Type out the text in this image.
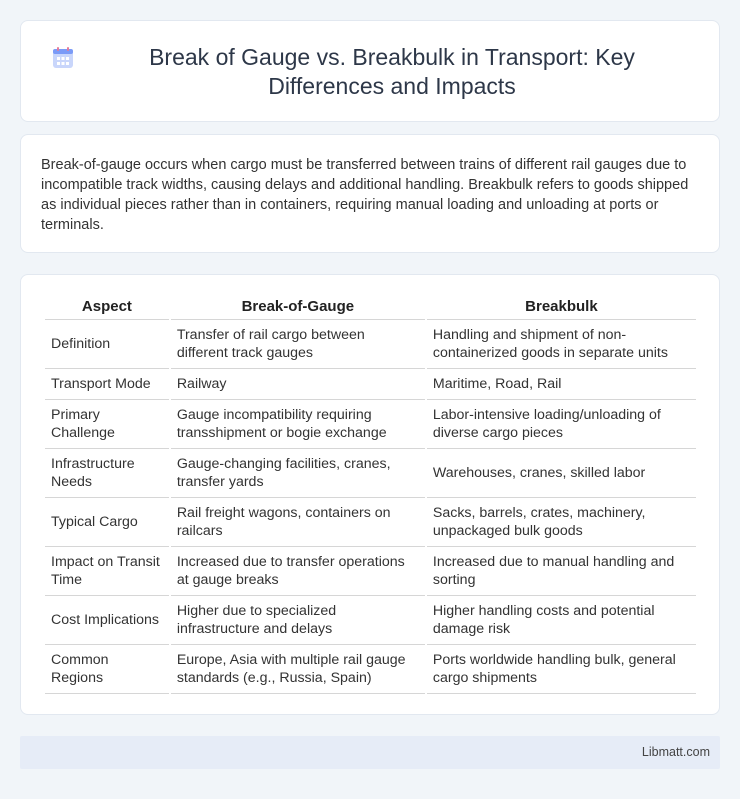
Break of Gauge vs. Breakbulk in Transport: Key Differences and Impacts

Break-of-gauge occurs when cargo must be transferred between trains of different rail gauges due to incompatible track widths, causing delays and additional handling. Breakbulk refers to goods shipped as individual pieces rather than in containers, requiring manual loading and unloading at ports or terminals.

Aspect	Break-of-Gauge	Breakbulk
Definition	Transfer of rail cargo between different track gauges	Handling and shipment of non-containerized goods in separate units
Transport Mode	Railway	Maritime, Road, Rail
Primary Challenge	Gauge incompatibility requiring transshipment or bogie exchange	Labor-intensive loading/unloading of diverse cargo pieces
Infrastructure Needs	Gauge-changing facilities, cranes, transfer yards	Warehouses, cranes, skilled labor
Typical Cargo	Rail freight wagons, containers on railcars	Sacks, barrels, crates, machinery, unpackaged bulk goods
Impact on Transit Time	Increased due to transfer operations at gauge breaks	Increased due to manual handling and sorting
Cost Implications	Higher due to specialized infrastructure and delays	Higher handling costs and potential damage risk
Common Regions	Europe, Asia with multiple rail gauge standards (e.g., Russia, Spain)	Ports worldwide handling bulk, general cargo shipments
Libmatt.com
